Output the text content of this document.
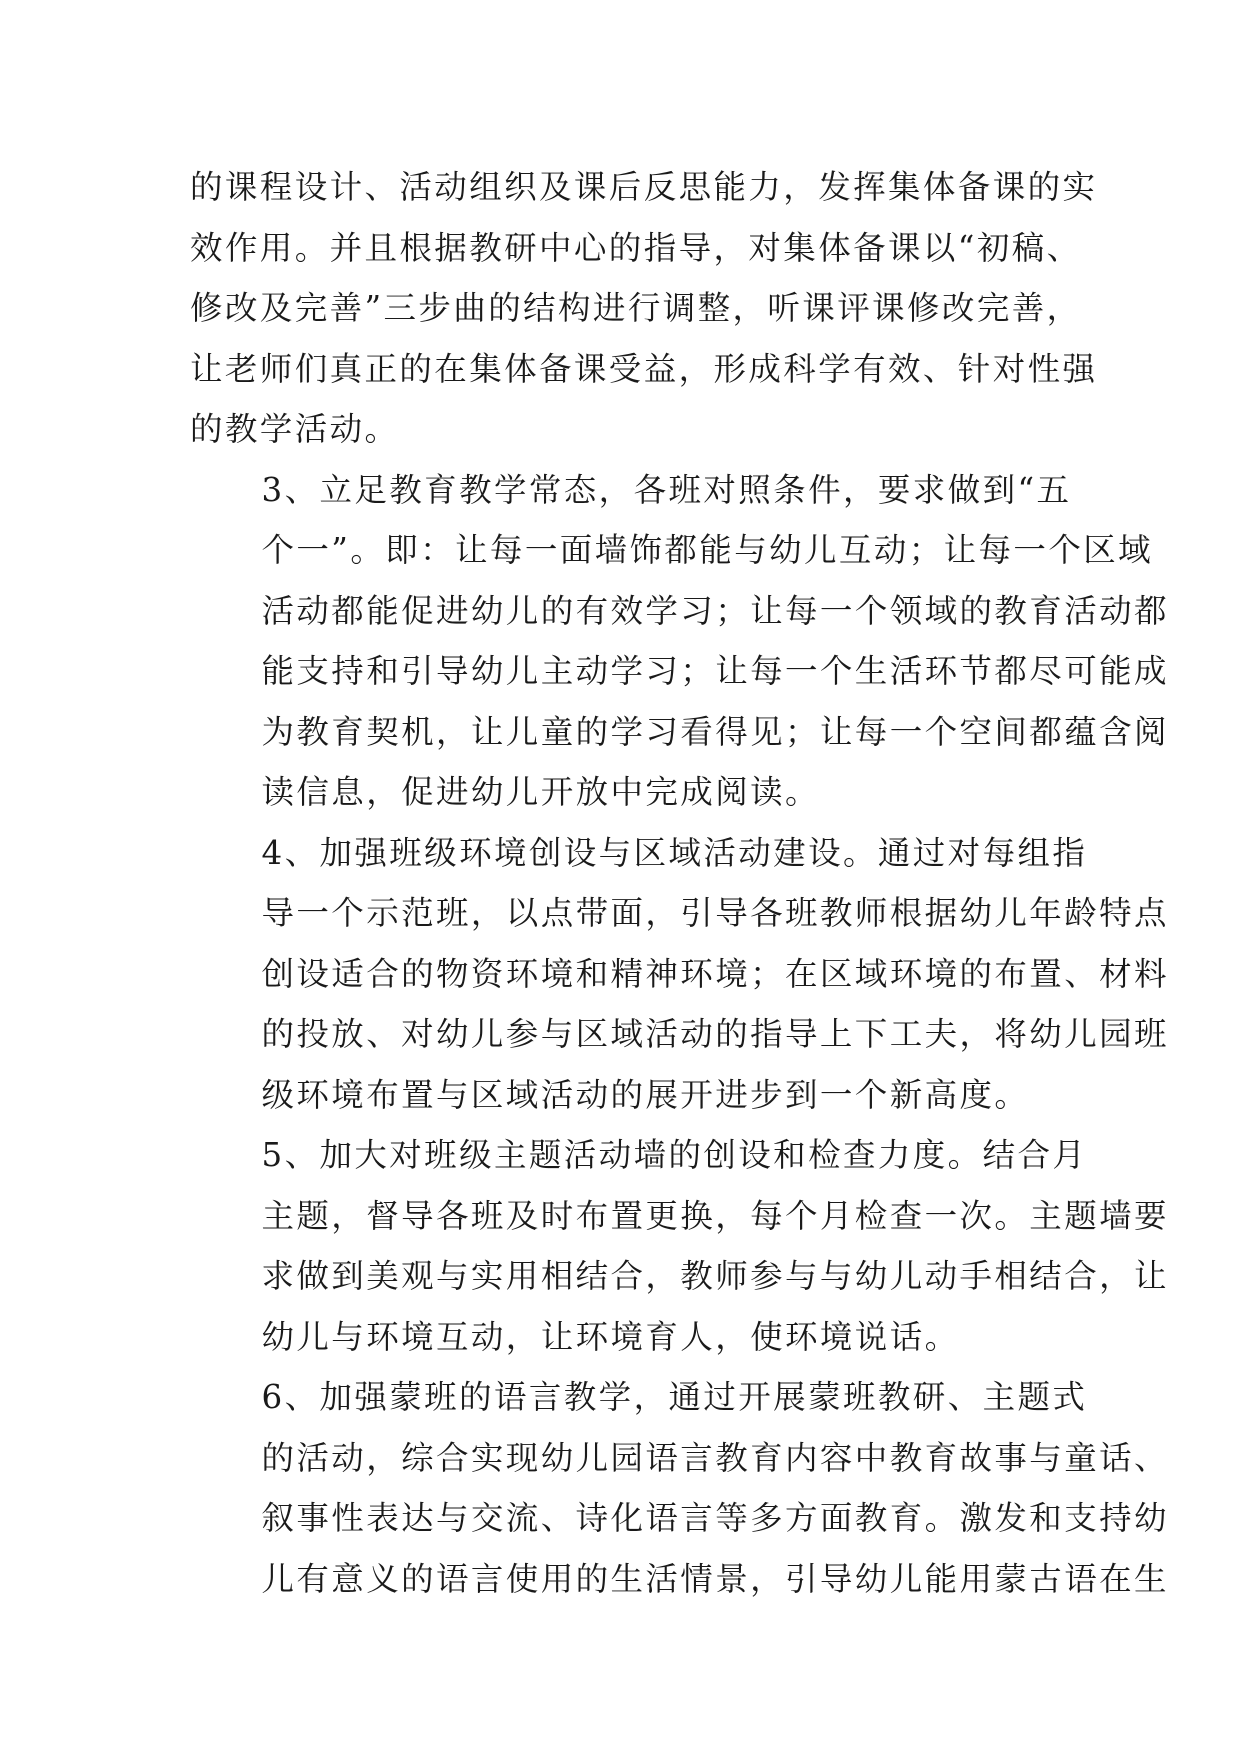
的课程设计、活动组织及课后反思能力，发挥集体备课的实
效作用。并且根据教研中心的指导，对集体备课以“初稿、
修改及完善”三步曲的结构进行调整，听课评课修改完善，
让老师们真正的在集体备课受益，形成科学有效、针对性强
的教学活动。

3、立足教育教学常态，各班对照条件，要求做到“五
个一”。即：让每一面墙饰都能与幼儿互动；让每一个区域
活动都能促进幼儿的有效学习；让每一个领域的教育活动都
能支持和引导幼儿主动学习；让每一个生活环节都尽可能成
为教育契机，让儿童的学习看得见；让每一个空间都蕴含阅
读信息，促进幼儿开放中完成阅读。

4、加强班级环境创设与区域活动建设。通过对每组指
导一个示范班，以点带面，引导各班教师根据幼儿年龄特点
创设适合的物资环境和精神环境；在区域环境的布置、材料
的投放、对幼儿参与区域活动的指导上下工夫，将幼儿园班
级环境布置与区域活动的展开进步到一个新高度。

5、加大对班级主题活动墙的创设和检查力度。结合月
主题，督导各班及时布置更换，每个月检查一次。主题墙要
求做到美观与实用相结合，教师参与与幼儿动手相结合，让
幼儿与环境互动，让环境育人，使环境说话。

6、加强蒙班的语言教学，通过开展蒙班教研、主题式
的活动，综合实现幼儿园语言教育内容中教育故事与童话、
叙事性表达与交流、诗化语言等多方面教育。激发和支持幼
儿有意义的语言使用的生活情景，引导幼儿能用蒙古语在生
